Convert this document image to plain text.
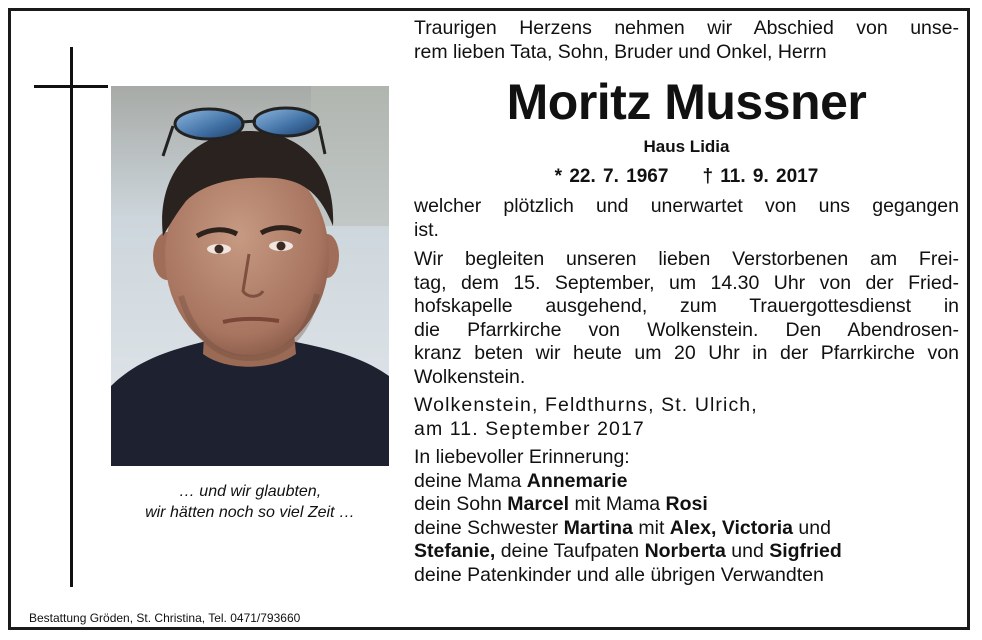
… und wir glaubten,
wir hätten noch so viel Zeit …
Bestattung Gröden, St. Christina, Tel. 0471/793660
Traurigen Herzens nehmen wir Abschied von unse-
rem lieben Tata, Sohn, Bruder und Onkel, Herrn
Moritz Mussner
Haus Lidia
* 22. 7. 1967 † 11. 9. 2017
welcher plötzlich und unerwartet von uns gegangen
ist.
Wir begleiten unseren lieben Verstorbenen am Frei-
tag, dem 15. September, um 14.30 Uhr von der Fried-
hofskapelle ausgehend, zum Trauergottesdienst in
die Pfarrkirche von Wolkenstein. Den Abendrosen-
kranz beten wir heute um 20 Uhr in der Pfarrkirche von
Wolkenstein.
Wolkenstein, Feldthurns, St. Ulrich,
am 11. September 2017
In liebevoller Erinnerung:
deine Mama Annemarie
dein Sohn Marcel mit Mama Rosi
deine Schwester Martina mit Alex, Victoria und
Stefanie, deine Taufpaten Norberta und Sigfried
deine Patenkinder und alle übrigen Verwandten
